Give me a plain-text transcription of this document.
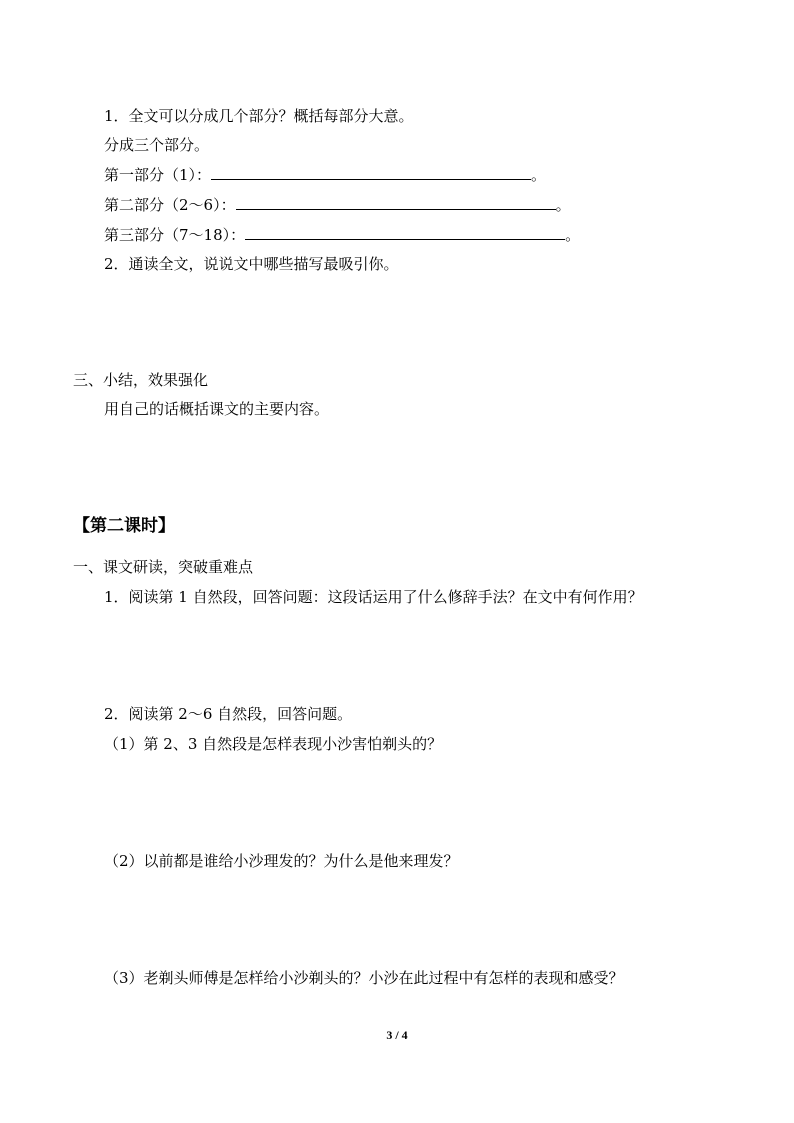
1．全文可以分成几个部分？概括每部分大意。
分成三个部分。
第一部分（1）：	。
第二部分（2～6）：	。
第三部分（7～18）：	。
2．通读全文，说说文中哪些描写最吸引你。
三、小结，效果强化
用自己的话概括课文的主要内容。
【第二课时】
一、课文研读，突破重难点
1．阅读第 1 自然段，回答问题：这段话运用了什么修辞手法？在文中有何作用？
2．阅读第 2～6 自然段，回答问题。
（1）第 2、3 自然段是怎样表现小沙害怕剃头的？
（2）以前都是谁给小沙理发的？为什么是他来理发？
（3）老剃头师傅是怎样给小沙剃头的？小沙在此过程中有怎样的表现和感受？
3 / 4
